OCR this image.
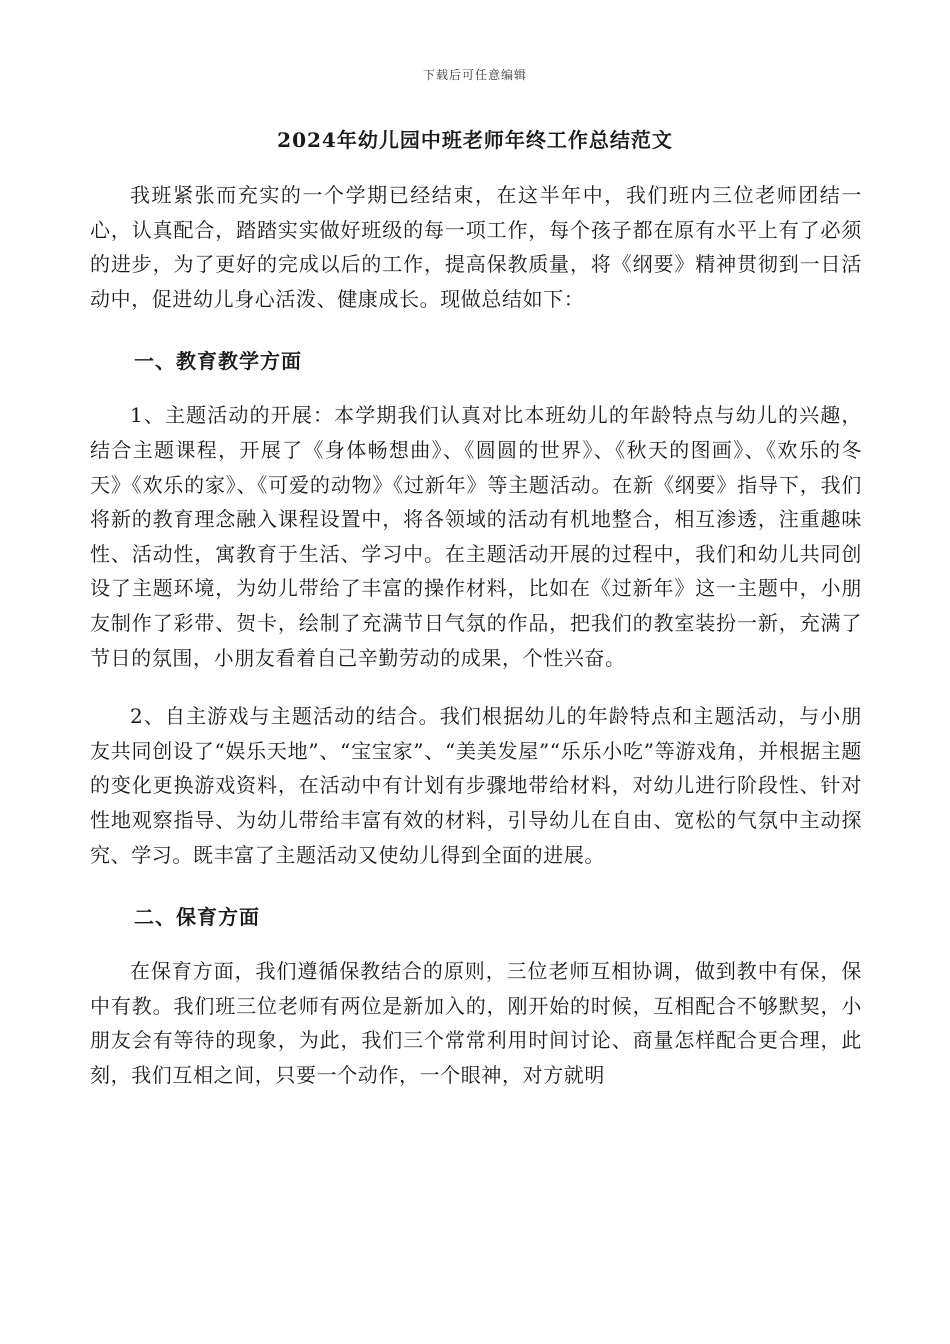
下载后可任意编辑
2024年幼儿园中班老师年终工作总结范文

我班紧张而充实的一个学期已经结束，在这半年中，我们班内三位老师团结一心，认真配合，踏踏实实做好班级的每一项工作，每个孩子都在原有水平上有了必须的进步，为了更好的完成以后的工作，提高保教质量，将《纲要》精神贯彻到一日活动中，促进幼儿身心活泼、健康成长。现做总结如下：

一、教育教学方面

1、主题活动的开展：本学期我们认真对比本班幼儿的年龄特点与幼儿的兴趣，结合主题课程，开展了《身体畅想曲》、《圆圆的世界》、《秋天的图画》、《欢乐的冬天》《欢乐的家》、《可爱的动物》《过新年》等主题活动。在新《纲要》指导下，我们将新的教育理念融入课程设置中，将各领域的活动有机地整合，相互渗透，注重趣味性、活动性，寓教育于生活、学习中。在主题活动开展的过程中，我们和幼儿共同创设了主题环境，为幼儿带给了丰富的操作材料，比如在《过新年》这一主题中，小朋友制作了彩带、贺卡，绘制了充满节日气氛的作品，把我们的教室装扮一新，充满了节日的氛围，小朋友看着自己辛勤劳动的成果，个性兴奋。

2、自主游戏与主题活动的结合。我们根据幼儿的年龄特点和主题活动，与小朋友共同创设了“娱乐天地”、“宝宝家”、“美美发屋”“乐乐小吃”等游戏角，并根据主题的变化更换游戏资料，在活动中有计划有步骤地带给材料，对幼儿进行阶段性、针对性地观察指导、为幼儿带给丰富有效的材料，引导幼儿在自由、宽松的气氛中主动探究、学习。既丰富了主题活动又使幼儿得到全面的进展。

二、保育方面

在保育方面，我们遵循保教结合的原则，三位老师互相协调，做到教中有保，保中有教。我们班三位老师有两位是新加入的，刚开始的时候，互相配合不够默契，小朋友会有等待的现象，为此，我们三个常常利用时间讨论、商量怎样配合更合理，此刻，我们互相之间，只要一个动作，一个眼神，对方就明
